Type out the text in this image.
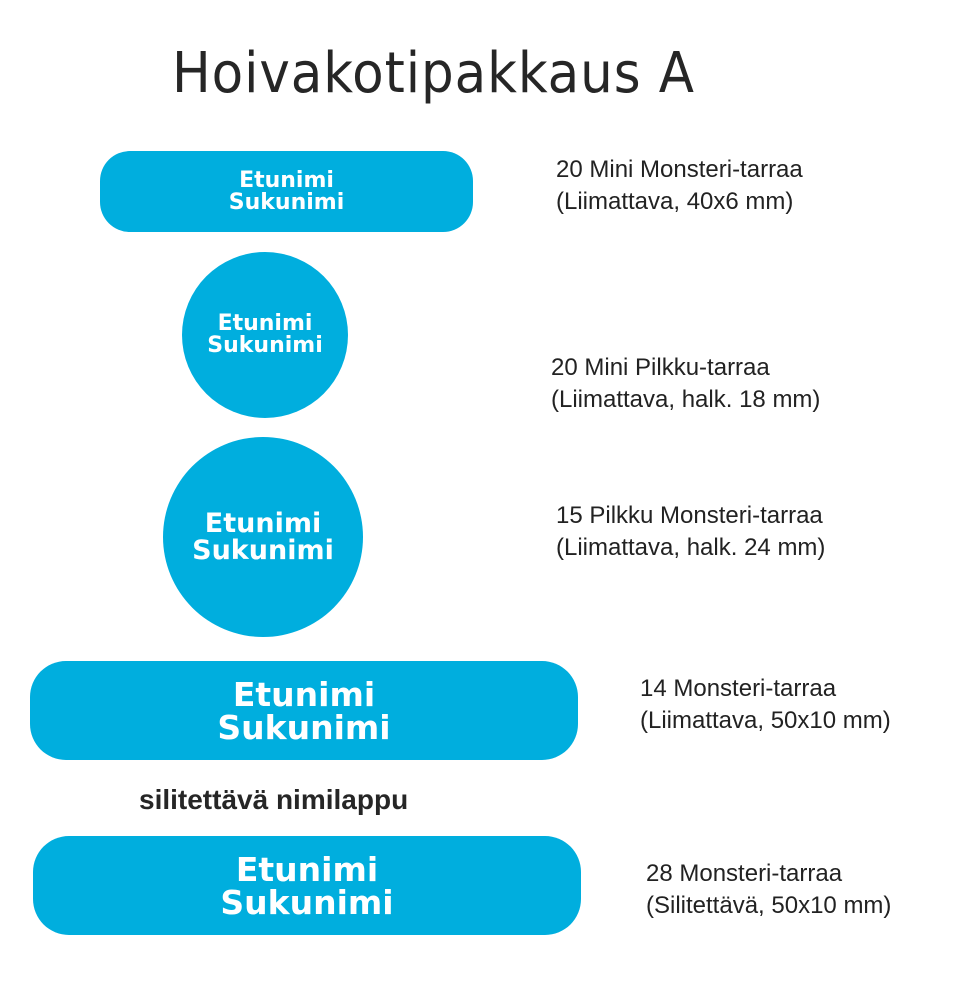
Hoivakotipakkaus A
Etunimi
Sukunimi
20 Mini Monsteri-tarraa
(Liimattava, 40x6 mm)
Etunimi
Sukunimi
20 Mini Pilkku-tarraa
(Liimattava, halk. 18 mm)
Etunimi
Sukunimi
15 Pilkku Monsteri-tarraa
(Liimattava, halk. 24 mm)
Etunimi
Sukunimi
14 Monsteri-tarraa
(Liimattava, 50x10 mm)
silitettävä nimilappu
Etunimi
Sukunimi
28 Monsteri-tarraa
(Silitettävä, 50x10 mm)
